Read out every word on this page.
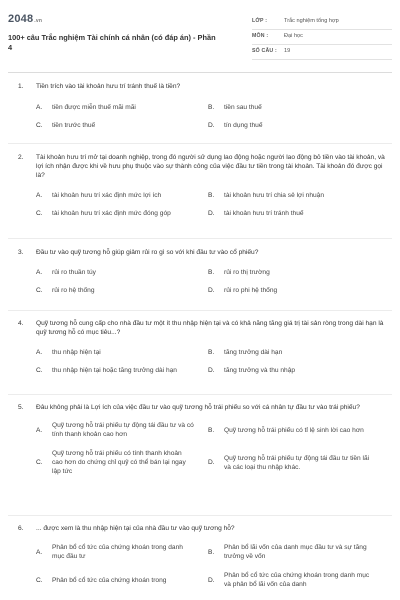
2048.vn
100+ câu Trắc nghiệm Tài chính cá nhân (có đáp án) - Phần 4
LỚP :	Trắc nghiệm tổng hợp
MÔN :	Đại học
SỐ CÂU :	19
1.	Tiền trích vào tài khoản hưu trí tránh thuế là tiền?
A.	tiền được miễn thuế mãi mãi	B.	tiền sau thuế
C.	tiền trước thuế	D.	tín dụng thuế
2.	Tài khoản hưu trí mở tại doanh nghiệp, trong đó người sử dụng lao động hoặc người lao động bỏ tiền vào tài khoản, và lợi ích nhận được khi về hưu phụ thuộc vào sự thành công của việc đầu tư tiền trong tài khoản. Tài khoản đó được gọi là?
A.	tài khoản hưu trí xác định mức lợi ích	B.	tài khoản hưu trí chia sẻ lợi nhuận
C.	tài khoản hưu trí xác định mức đóng góp	D.	tài khoản hưu trí tránh thuế
3.	Đầu tư vào quỹ tương hỗ giúp giảm rủi ro gì so với khi đầu tư vào cổ phiếu?
A.	rủi ro thuần túy	B.	rủi ro thị trường
C.	rủi ro hệ thống	D.	rủi ro phi hệ thống
4.	Quỹ tương hỗ cung cấp cho nhà đầu tư một ít thu nhập hiện tại và có khả năng tăng giá trị tài sản ròng trong dài hạn là quỹ tương hỗ có mục tiêu...?
A.	thu nhập hiện tại	B.	tăng trưởng dài hạn
C.	thu nhập hiện tại hoặc tăng trưởng dài hạn	D.	tăng trưởng và thu nhập
5.	Đâu không phải là Lợi ích của việc đầu tư vào quỹ tương hỗ trái phiếu so với cá nhân tự đầu tư vào trái phiếu?
A.
Quỹ tương hỗ trái phiếu tự động tái đầu tư và có tính thanh khoản cao hơn
B.	Quỹ tương hỗ trái phiếu có tỉ lệ sinh lời cao hơn
C.
Quỹ tương hỗ trái phiếu có tính thanh khoản cao hơn do chứng chỉ quỹ có thể bán lại ngay lập tức
D.
Quỹ tương hỗ trái phiếu tự động tái đầu tư tiền lãi và các loại thu nhập khác.
6.	... được xem là thu nhập hiện tại của nhà đầu tư vào quỹ tương hỗ?
A.
Phân bổ cổ tức của chứng khoán trong danh mục đầu tư
B.
Phân bổ lãi vốn của danh mục đầu tư và sự tăng trưởng về vốn
C.	Phân bổ cổ tức của chứng khoán trong	D.
Phân bổ cổ tức của chứng khoán trong danh mục và phân bổ lãi vốn của danh
